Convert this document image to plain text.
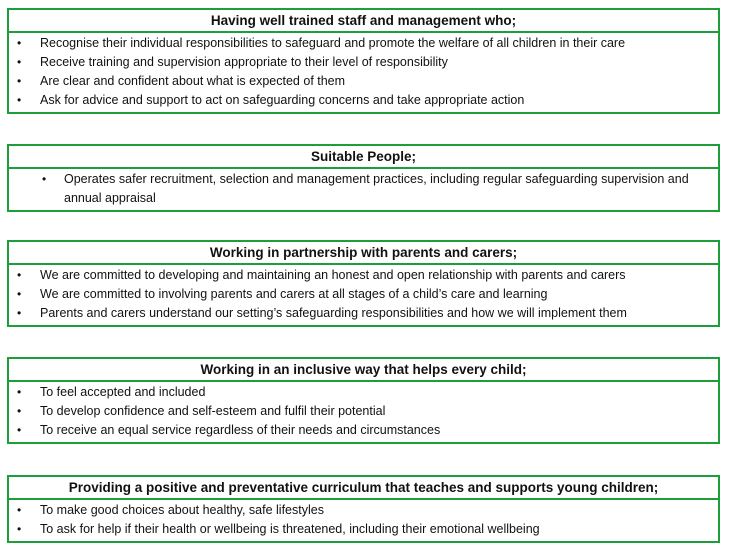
Having well trained staff and management who;
• Recognise their individual responsibilities to safeguard and promote the welfare of all children in their care
• Receive training and supervision appropriate to their level of responsibility
• Are clear and confident about what is expected of them
• Ask for advice and support to act on safeguarding concerns and take appropriate action
Suitable People;
• Operates safer recruitment, selection and management practices, including regular safeguarding supervision and annual appraisal
Working in partnership with parents and carers;
• We are committed to developing and maintaining an honest and open relationship with parents and carers
• We are committed to involving parents and carers at all stages of a child’s care and learning
• Parents and carers understand our setting’s safeguarding responsibilities and how we will implement them
Working in an inclusive way that helps every child;
• To feel accepted and included
• To develop confidence and self-esteem and fulfil their potential
• To receive an equal service regardless of their needs and circumstances
Providing a positive and preventative curriculum that teaches and supports young children;
• To make good choices about healthy, safe lifestyles
• To ask for help if their health or wellbeing is threatened, including their emotional wellbeing
